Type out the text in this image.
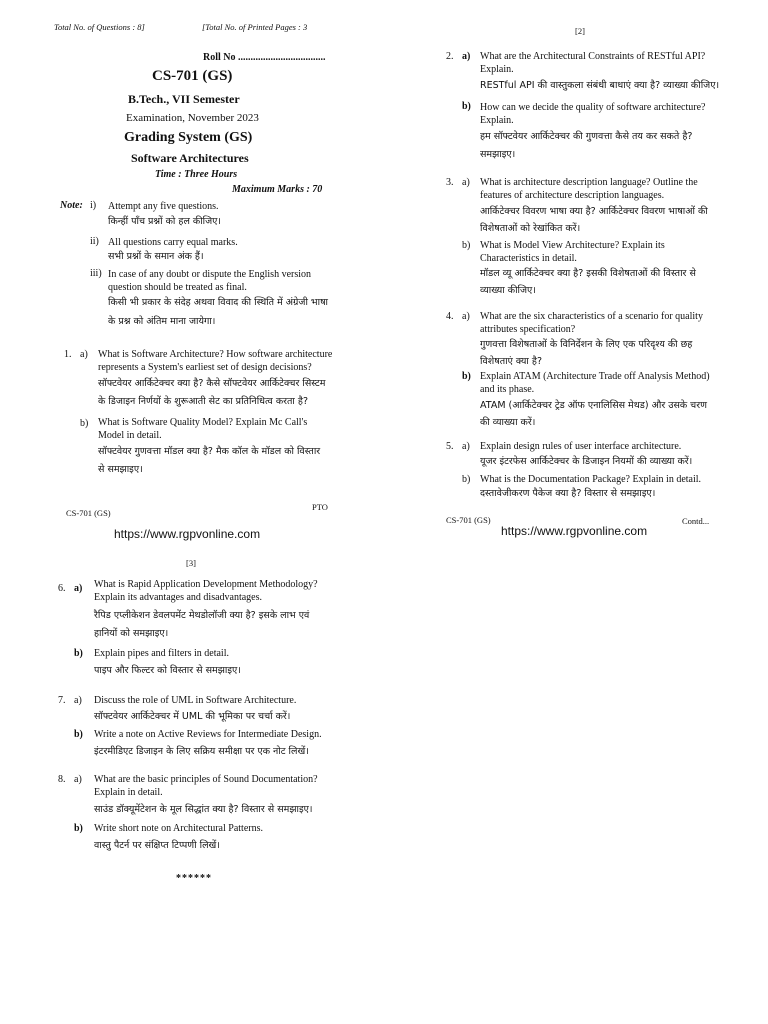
Total No. of Questions : 8]	[Total No. of Printed Pages : 3
Roll No ...................................
CS-701 (GS)
B.Tech., VII Semester
Examination, November 2023
Grading System (GS)
Software Architectures
Time : Three Hours
Maximum Marks : 70
Note: i) Attempt any five questions.
किन्हीं पाँच प्रश्नों को हल कीजिए।
ii) All questions carry equal marks.
सभी प्रश्नों के समान अंक हैं।
iii) In case of any doubt or dispute the English version
question should be treated as final.
किसी भी प्रकार के संदेह अथवा विवाद की स्थिति में अंग्रेजी भाषा
के प्रश्न को अंतिम माना जायेगा।
1. a) What is Software Architecture? How software architecture
represents a System's earliest set of design decisions?
सॉफ्टवेयर आर्किटेक्चर क्या है? कैसे सॉफ्टवेयर आर्किटेक्चर सिस्टम
के डिजाइन निर्णयों के शुरूआती सेट का प्रतिनिधित्व करता है?
b) What is Software Quality Model? Explain Mc Call's
Model in detail.
सॉफ्टवेयर गुणवत्ता मॉडल क्या है? मैक कॉल के मॉडल को विस्तार
से समझाइए।
CS-701 (GS)
PTO
https://www.rgpvonline.com
[2]
2. a) What are the Architectural Constraints of RESTful API?
Explain.
RESTful API की वास्तुकला संबंधी बाधाएं क्या है? व्याख्या कीजिए।
b) How can we decide the quality of software architecture?
Explain.
हम सॉफ्टवेयर आर्किटेक्चर की गुणवत्ता कैसे तय कर सकते है?
समझाइए।
3. a) What is architecture description language? Outline the
features of architecture description languages.
आर्किटेक्चर विवरण भाषा क्या है? आर्किटेक्चर विवरण भाषाओं की
विशेषताओं को रेखांकित करें।
b) What is Model View Architecture? Explain its
Characteristics in detail.
मॉडल व्यू आर्किटेक्चर क्या है? इसकी विशेषताओं की विस्तार से
व्याख्या कीजिए।
4. a) What are the six characteristics of a scenario for quality
attributes specification?
गुणवत्ता विशेषताओं के विनिर्देशन के लिए एक परिदृश्य की छह
विशेषताएं क्या है?
b) Explain ATAM (Architecture Trade off Analysis Method)
and its phase.
ATAM (आर्किटेक्चर ट्रेड ऑफ एनालिसिस मेथड) और उसके चरण
की व्याख्या करें।
5. a) Explain design rules of user interface architecture.
यूजर इंटरफेस आर्किटेक्चर के डिजाइन नियमों की व्याख्या करें।
b) What is the Documentation Package? Explain in detail.
दस्तावेजीकरण पैकेज क्या है? विस्तार से समझाइए।
CS-701 (GS)	Contd...
https://www.rgpvonline.com
[3]
6. a) What is Rapid Application Development Methodology?
Explain its advantages and disadvantages.
रैपिड एप्लीकेशन डेवलपमेंट मेथडोलॉजी क्या है? इसके लाभ एवं
हानियों को समझाइए।
b) Explain pipes and filters in detail.
पाइप और फिल्टर को विस्तार से समझाइए।
7. a) Discuss the role of UML in Software Architecture.
सॉफ्टवेयर आर्किटेक्चर में UML की भूमिका पर चर्चा करें।
b) Write a note on Active Reviews for Intermediate Design.
इंटरमीडिएट डिजाइन के लिए सक्रिय समीक्षा पर एक नोट लिखें।
8. a) What are the basic principles of Sound Documentation?
Explain in detail.
साउंड डॉक्यूमेंटेशन के मूल सिद्धांत क्या है? विस्तार से समझाइए।
b) Write short note on Architectural Patterns.
वास्तु पैटर्न पर संक्षिप्त टिप्पणी लिखें।
******
